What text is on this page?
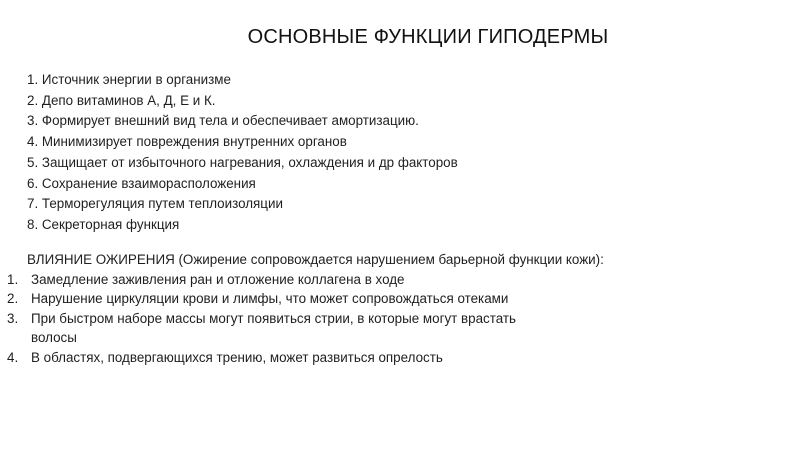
ОСНОВНЫЕ ФУНКЦИИ ГИПОДЕРМЫ
1. Источник энергии в организме
2. Депо витаминов А, Д, Е и К.
3. Формирует внешний вид тела и обеспечивает амортизацию.
4. Минимизирует повреждения внутренних органов
5. Защищает от избыточного нагревания, охлаждения и др факторов
6. Сохранение взаиморасположения
7. Терморегуляция путем теплоизоляции
8. Секреторная функция

ВЛИЯНИЕ ОЖИРЕНИЯ (Ожирение сопровождается нарушением барьерной функции кожи):

1. Замедление заживления ран и отложение коллагена в ходе
2. Нарушение циркуляции крови и лимфы, что может сопровождаться отеками
3. При быстром наборе массы могут появиться стрии, в которые могут врастать волосы
4. В областях, подвергающихся трению, может развиться опрелость
